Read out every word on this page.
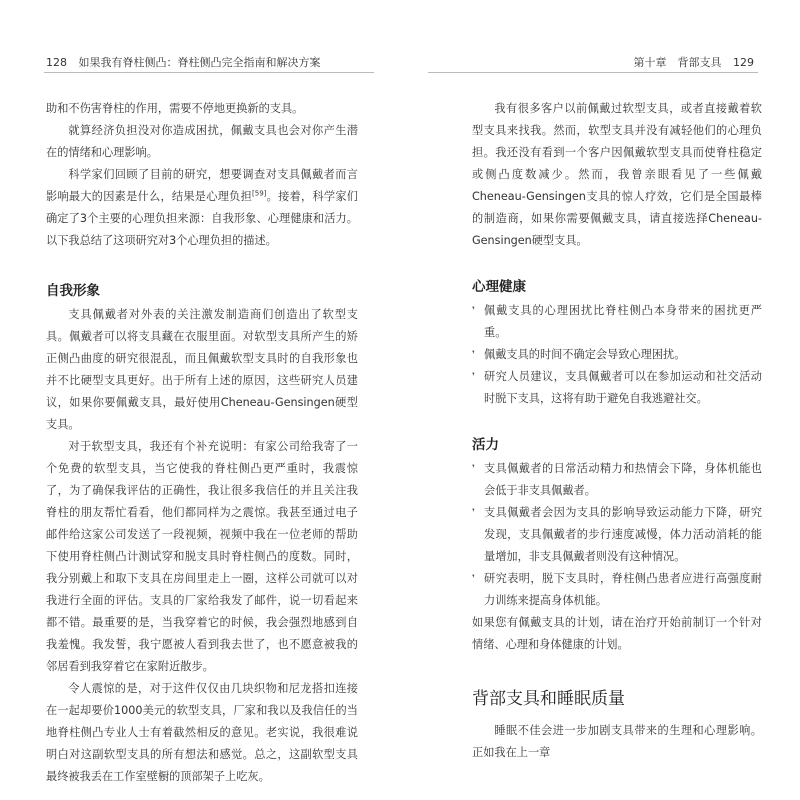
128 如果我有脊柱侧凸：脊柱侧凸完全指南和解决方案

助和不伤害脊柱的作用，需要不停地更换新的支具。

就算经济负担没对你造成困扰，佩戴支具也会对你产生潜在的情绪和心理影响。

科学家们回顾了目前的研究，想要调查对支具佩戴者而言影响最大的因素是什么，结果是心理负担[59]。接着，科学家们确定了3个主要的心理负担来源：自我形象、心理健康和活力。以下我总结了这项研究对3个心理负担的描述。

自我形象

支具佩戴者对外表的关注激发制造商们创造出了软型支具。佩戴者可以将支具藏在衣服里面。对软型支具所产生的矫正侧凸曲度的研究很混乱，而且佩戴软型支具时的自我形象也并不比硬型支具更好。出于所有上述的原因，这些研究人员建议，如果你要佩戴支具，最好使用Cheneau-Gensingen硬型支具。

对于软型支具，我还有个补充说明：有家公司给我寄了一个免费的软型支具，当它使我的脊柱侧凸更严重时，我震惊了，为了确保我评估的正确性，我让很多我信任的并且关注我脊柱的朋友帮忙看看，他们都同样为之震惊。我甚至通过电子邮件给这家公司发送了一段视频，视频中我在一位老师的帮助下使用脊柱侧凸计测试穿和脱支具时脊柱侧凸的度数。同时，我分别戴上和取下支具在房间里走上一圈，这样公司就可以对我进行全面的评估。支具的厂家给我发了邮件，说一切看起来都不错。最重要的是，当我穿着它的时候，我会强烈地感到自我羞愧。我发誓，我宁愿被人看到我去世了，也不愿意被我的邻居看到我穿着它在家附近散步。

令人震惊的是，对于这件仅仅由几块织物和尼龙搭扣连接在一起却要价1000美元的软型支具，厂家和我以及我信任的当地脊柱侧凸专业人士有着截然相反的意见。老实说，我很难说明白对这副软型支具的所有想法和感觉。总之，这副软型支具最终被我丢在工作室壁橱的顶部架子上吃灰。

第十章　背部支具 129

我有很多客户以前佩戴过软型支具，或者直接戴着软型支具来找我。然而，软型支具并没有减轻他们的心理负担。我还没有看到一个客户因佩戴软型支具而使脊柱稳定或侧凸度数减少。然而，我曾亲眼看见了一些佩戴Cheneau-Gensingen支具的惊人疗效，它们是全国最棒的制造商，如果你需要佩戴支具，请直接选择Cheneau-Gensingen硬型支具。

心理健康
❜ 佩戴支具的心理困扰比脊柱侧凸本身带来的困扰更严重。
❜ 佩戴支具的时间不确定会导致心理困扰。
❜ 研究人员建议，支具佩戴者可以在参加运动和社交活动时脱下支具，这将有助于避免自我逃避社交。
活力
❜ 支具佩戴者的日常活动精力和热情会下降，身体机能也会低于非支具佩戴者。
❜ 支具佩戴者会因为支具的影响导致运动能力下降，研究发现，支具佩戴者的步行速度减慢，体力活动消耗的能量增加，非支具佩戴者则没有这种情况。
❜ 研究表明，脱下支具时，脊柱侧凸患者应进行高强度耐力训练来提高身体机能。

如果您有佩戴支具的计划，请在治疗开始前制订一个针对情绪、心理和身体健康的计划。

背部支具和睡眠质量

睡眠不佳会进一步加剧支具带来的生理和心理影响。正如我在上一章
